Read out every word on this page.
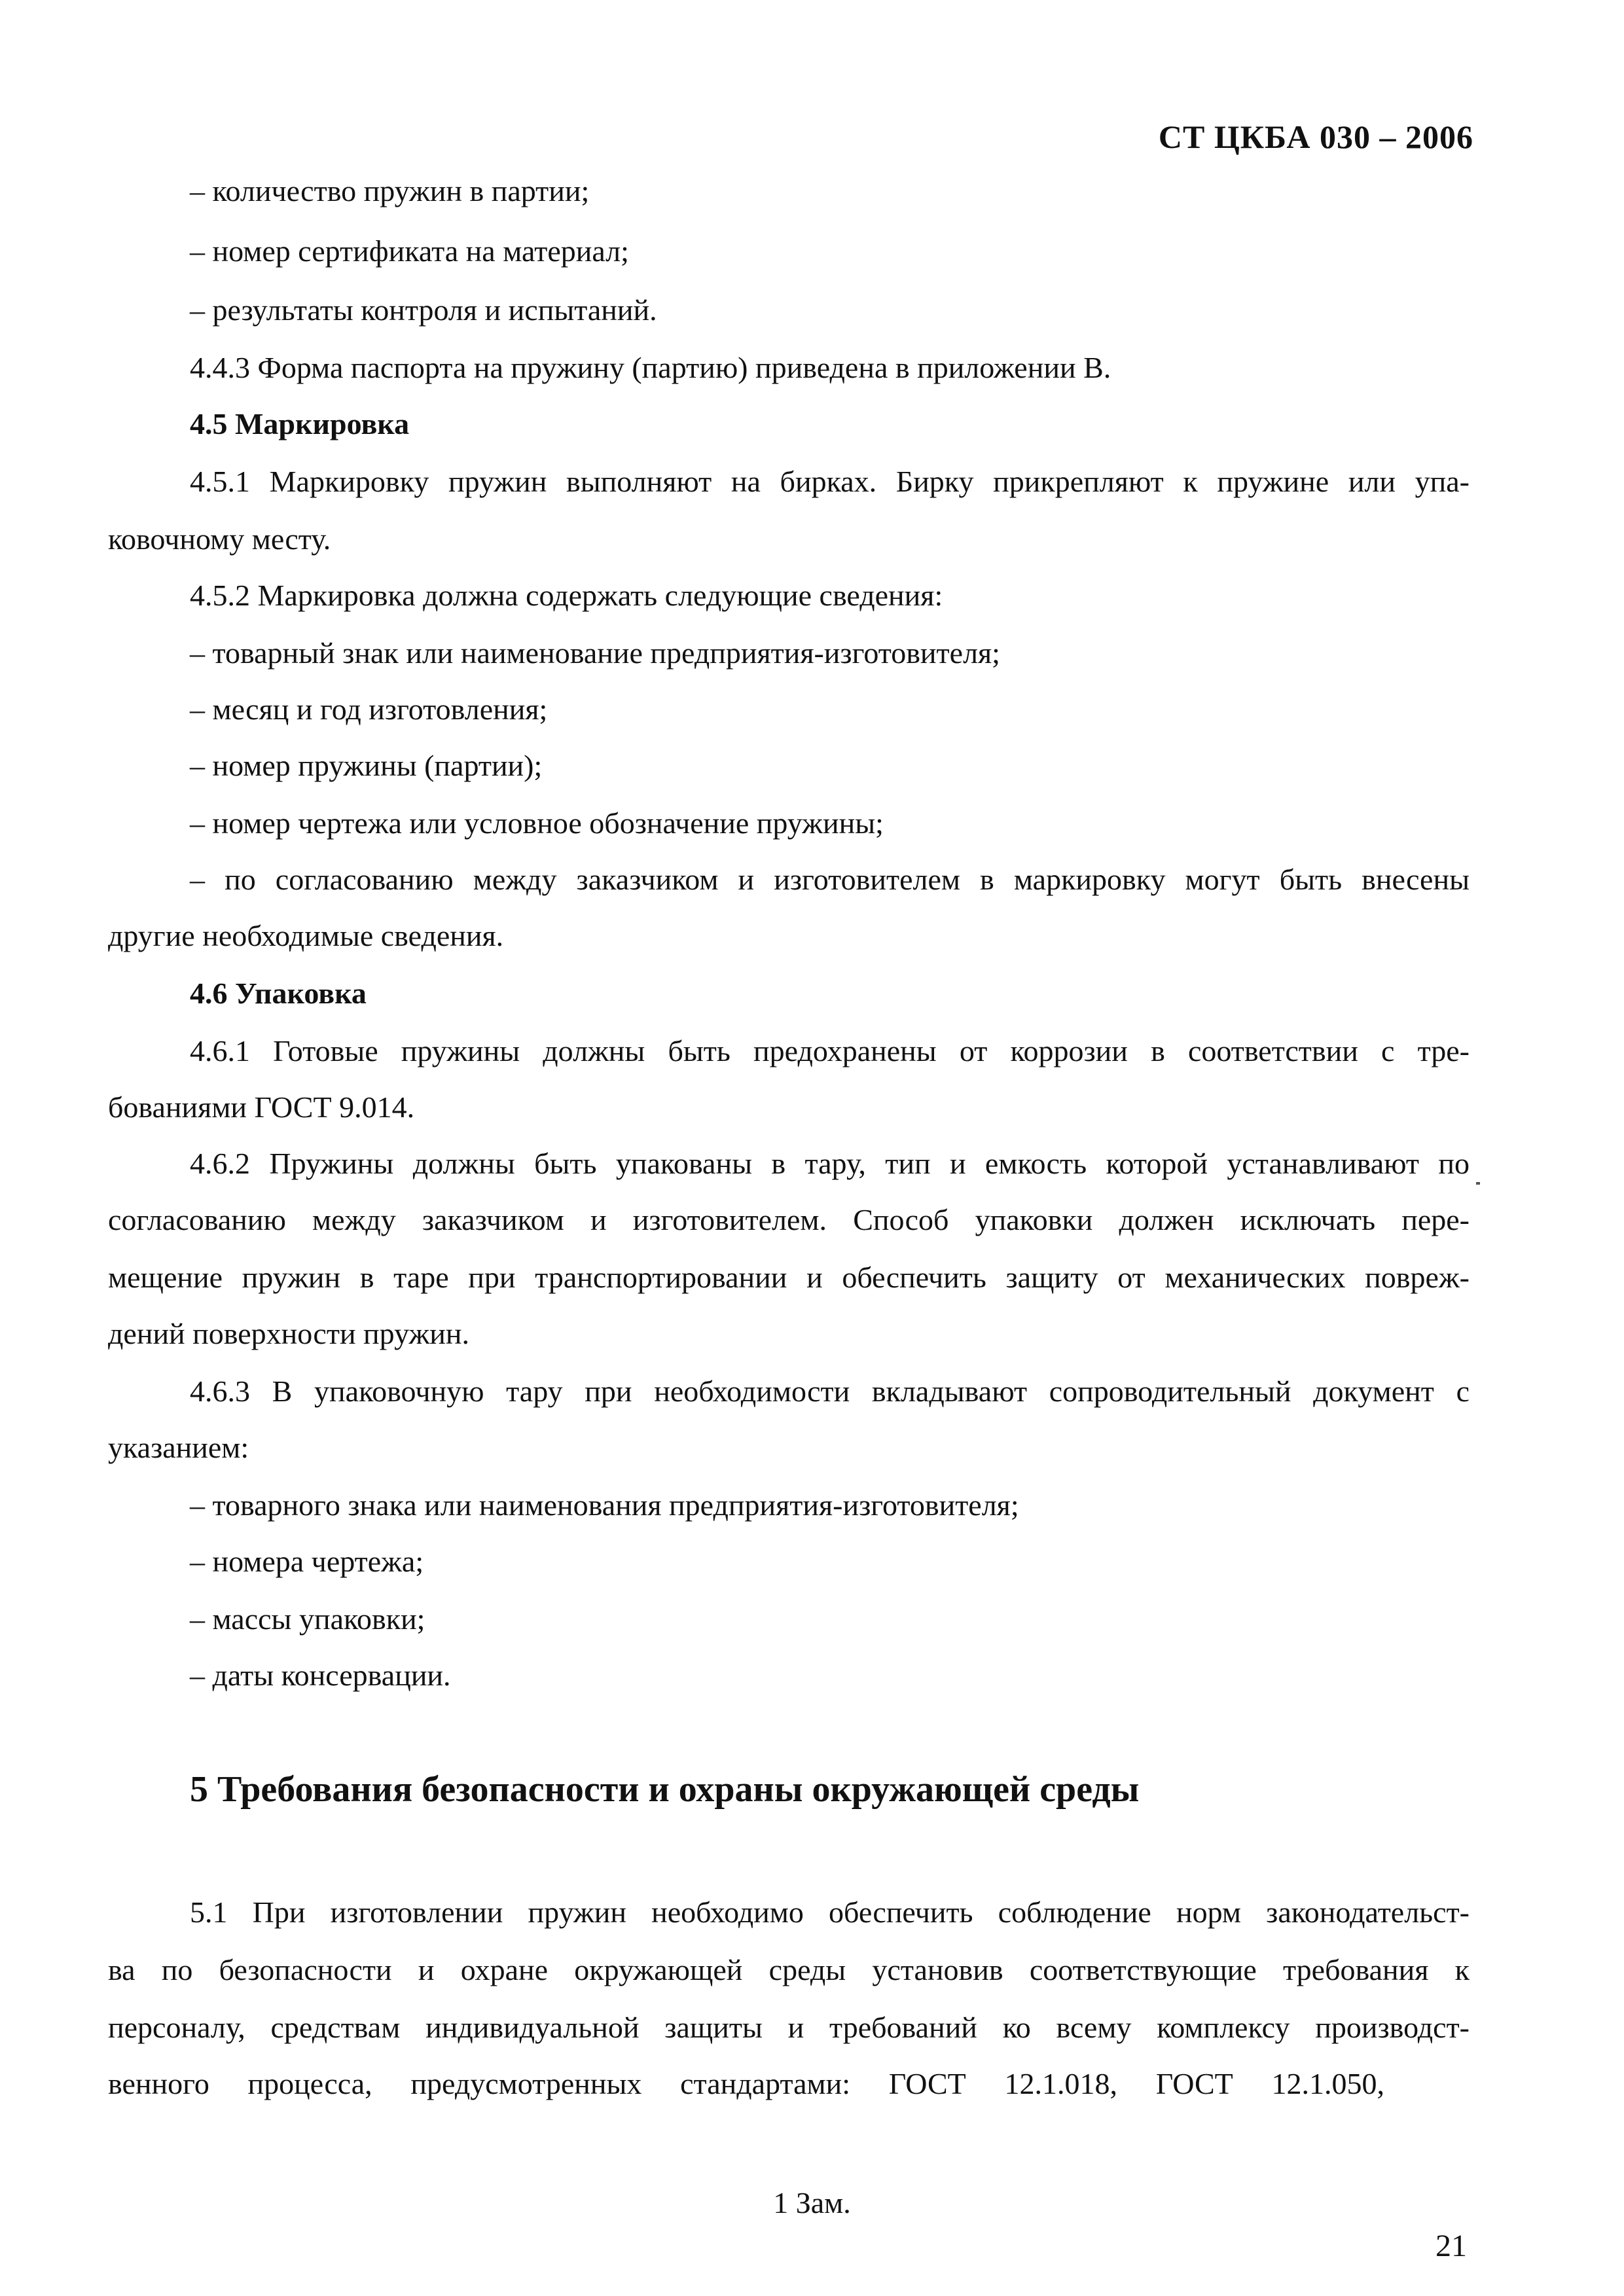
СТ ЦКБА 030 – 2006
– количество пружин в партии;
– номер сертификата на материал;
– результаты контроля и испытаний.
4.4.3 Форма паспорта на пружину (партию) приведена в приложении В.
4.5 Маркировка
4.5.1 Маркировку пружин выполняют на бирках. Бирку прикрепляют к пружине или упа-
ковочному месту.
4.5.2 Маркировка должна содержать следующие сведения:
– товарный знак или наименование предприятия-изготовителя;
– месяц и год изготовления;
– номер пружины (партии);
– номер чертежа или условное обозначение пружины;
– по согласованию между заказчиком и изготовителем в маркировку могут быть внесены
другие необходимые сведения.
4.6 Упаковка
4.6.1 Готовые пружины должны быть предохранены от коррозии в соответствии с тре-
бованиями ГОСТ 9.014.
4.6.2 Пружины должны быть упакованы в тару, тип и емкость которой устанавливают по
согласованию между заказчиком и изготовителем. Способ упаковки должен исключать пере-
мещение пружин в таре при транспортировании и обеспечить защиту от механических повреж-
дений поверхности пружин.
4.6.3 В упаковочную тару при необходимости вкладывают сопроводительный документ с
указанием:
– товарного знака или наименования предприятия-изготовителя;
– номера чертежа;
– массы упаковки;
– даты консервации.
5 Требования безопасности и охраны окружающей среды
5.1 При изготовлении пружин необходимо обеспечить соблюдение норм законодательст-
ва по безопасности и охране окружающей среды установив соответствующие требования к
персоналу, средствам индивидуальной защиты и требований ко всему комплексу производст-
венного процесса, предусмотренных стандартами: ГОСТ 12.1.018, ГОСТ 12.1.050,
1 Зам.
21
